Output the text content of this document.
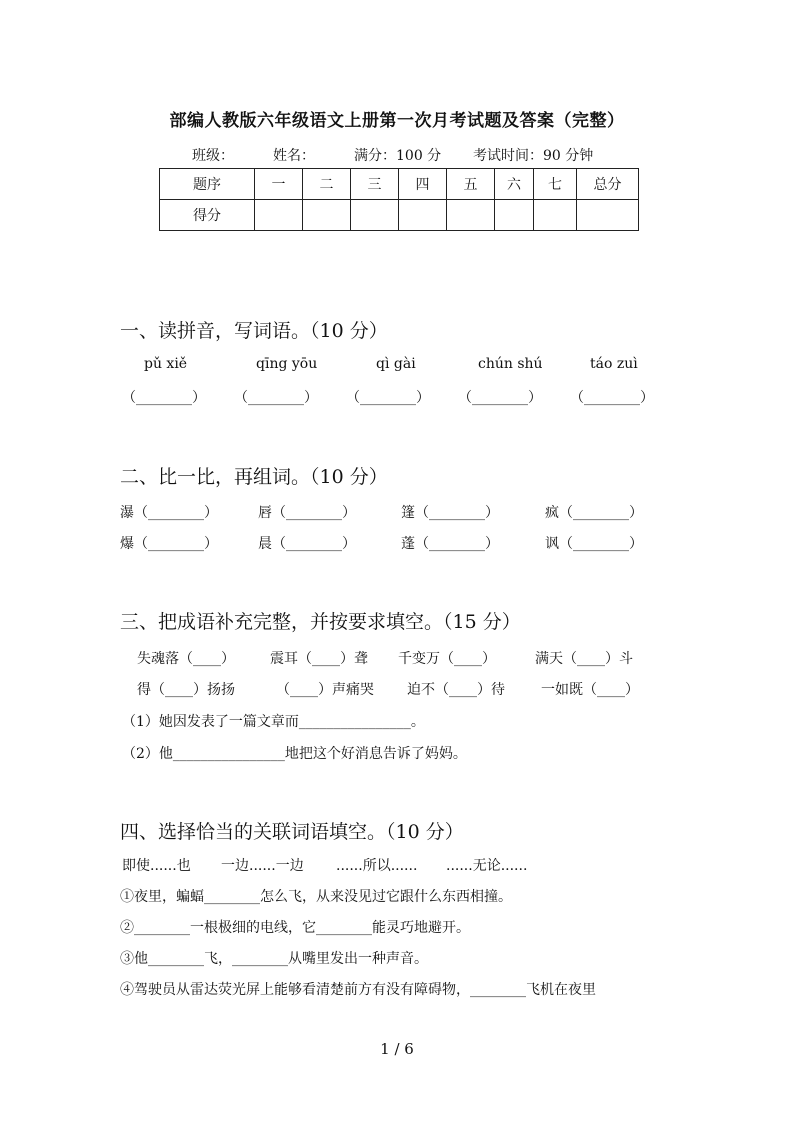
部编人教版六年级语文上册第一次月考试题及答案（完整）
班级：	姓名：	满分：100 分 考试时间：90 分钟
题序	一	二	三	四	五	六	七	总分
得分								
一、读拼音，写词语。（10 分）
pǔ xiě	qīng yōu	qì gài	chún shú	táo zuì
（________） （________） （________） （________） （________）
二、比一比，再组词。（10 分）
瀑（________）	唇（________）	篷（________）	疯（________）
爆（________）	晨（________）	蓬（________）	讽（________）
三、把成语补充完整，并按要求填空。（15 分）
失魂落（____）	震耳（____）聋 千变万（____）	满天（____）斗
得（____）扬扬	（____）声痛哭 迫不（____）待	一如既（____）
（1）她因发表了一篇文章而________________。
（2）他________________地把这个好消息告诉了妈妈。
四、选择恰当的关联词语填空。（10 分）
即使......也 一边......一边 ......所以...... ......无论......
①夜里，蝙蝠________怎么飞，从来没见过它跟什么东西相撞。
②________一根极细的电线，它________能灵巧地避开。
③他________飞，________从嘴里发出一种声音。
④驾驶员从雷达荧光屏上能够看清楚前方有没有障碍物，________飞机在夜里
1 / 6
